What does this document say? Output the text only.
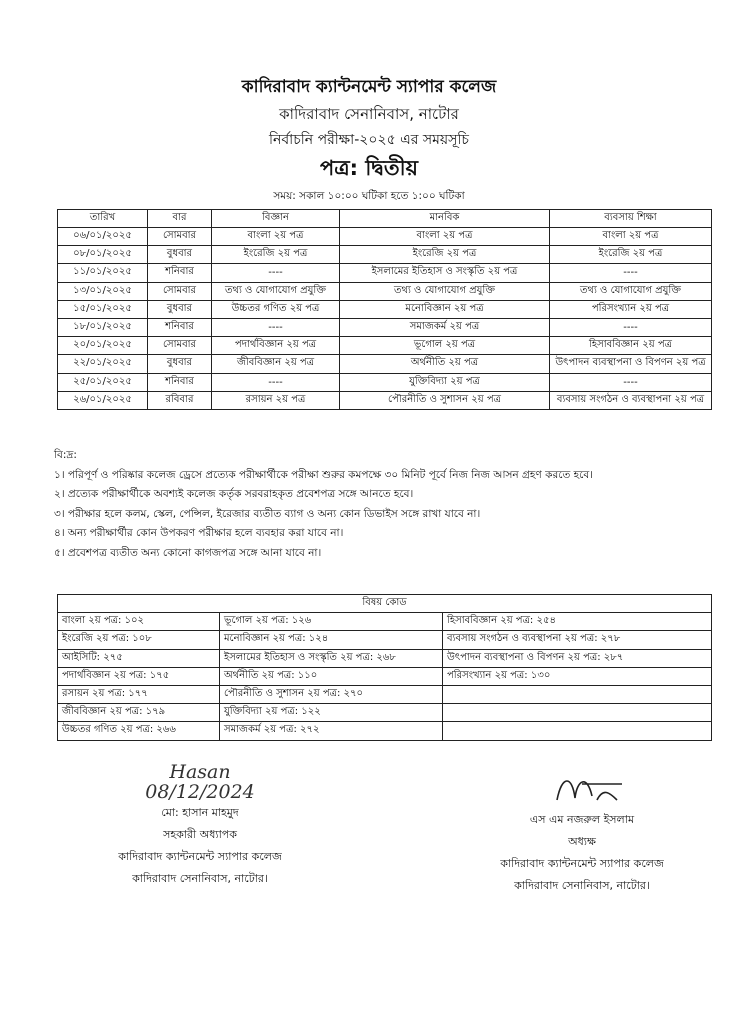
কাদিরাবাদ ক্যান্টনমেন্ট স্যাপার কলেজ
কাদিরাবাদ সেনানিবাস, নাটোর
নির্বাচনি পরীক্ষা-২০২৫ এর সময়সূচি
পত্র: দ্বিতীয়
সময়: সকাল ১০:০০ ঘটিকা হতে ১:০০ ঘটিকা
তারিখ	বার	বিজ্ঞান	মানবিক	ব্যবসায় শিক্ষা
০৬/০১/২০২৫	সোমবার	বাংলা ২য় পত্র	বাংলা ২য় পত্র	বাংলা ২য় পত্র
০৮/০১/২০২৫	বুধবার	ইংরেজি ২য় পত্র	ইংরেজি ২য় পত্র	ইংরেজি ২য় পত্র
১১/০১/২০২৫	শনিবার	----	ইসলামের ইতিহাস ও সংস্কৃতি ২য় পত্র	----
১৩/০১/২০২৫	সোমবার	তথ্য ও যোগাযোগ প্রযুক্তি	তথ্য ও যোগাযোগ প্রযুক্তি	তথ্য ও যোগাযোগ প্রযুক্তি
১৫/০১/২০২৫	বুধবার	উচ্চতর গণিত ২য় পত্র	মনোবিজ্ঞান ২য় পত্র	পরিসংখ্যান ২য় পত্র
১৮/০১/২০২৫	শনিবার	----	সমাজকর্ম ২য় পত্র	----
২০/০১/২০২৫	সোমবার	পদার্থবিজ্ঞান ২য় পত্র	ভূগোল ২য় পত্র	হিসাববিজ্ঞান ২য় পত্র
২২/০১/২০২৫	বুধবার	জীববিজ্ঞান ২য় পত্র	অর্থনীতি ২য় পত্র	উৎপাদন ব্যবস্থাপনা ও বিপণন ২য় পত্র
২৫/০১/২০২৫	শনিবার	----	যুক্তিবিদ্যা ২য় পত্র	----
২৬/০১/২০২৫	রবিবার	রসায়ন ২য় পত্র	পৌরনীতি ও সুশাসন ২য় পত্র	ব্যবসায় সংগঠন ও ব্যবস্থাপনা ২য় পত্র
বি:দ্র:
১। পরিপূর্ণ ও পরিষ্কার কলেজ ড্রেসে প্রত্যেক পরীক্ষার্থীকে পরীক্ষা শুরুর কমপক্ষে ৩০ মিনিট পূর্বে নিজ নিজ আসন গ্রহণ করতে হবে।
২। প্রত্যেক পরীক্ষার্থীকে অবশ্যই কলেজ কর্তৃক সরবরাহকৃত প্রবেশপত্র সঙ্গে আনতে হবে।
৩। পরীক্ষার হলে কলম, স্কেল, পেন্সিল, ইরেজার ব্যতীত ব্যাগ ও অন্য কোন ডিভাইস সঙ্গে রাখা যাবে না।
৪। অন্য পরীক্ষার্থীর কোন উপকরণ পরীক্ষার হলে ব্যবহার করা যাবে না।
৫। প্রবেশপত্র ব্যতীত অন্য কোনো কাগজপত্র সঙ্গে আনা যাবে না।
বিষয় কোড		
বাংলা ২য় পত্র: ১০২	ভূগোল ২য় পত্র: ১২৬	হিসাববিজ্ঞান ২য় পত্র: ২৫৪
ইংরেজি ২য় পত্র: ১০৮	মনোবিজ্ঞান ২য় পত্র: ১২৪	ব্যবসায় সংগঠন ও ব্যবস্থাপনা ২য় পত্র: ২৭৮
আইসিটি: ২৭৫	ইসলামের ইতিহাস ও সংস্কৃতি ২য় পত্র: ২৬৮	উৎপাদন ব্যবস্থাপনা ও বিপণন ২য় পত্র: ২৮৭
পদার্থবিজ্ঞান ২য় পত্র: ১৭৫	অর্থনীতি ২য় পত্র: ১১০	পরিসংখ্যান ২য় পত্র: ১৩০
রসায়ন ২য় পত্র: ১৭৭	পৌরনীতি ও সুশাসন ২য় পত্র: ২৭০	
জীববিজ্ঞান ২য় পত্র: ১৭৯	যুক্তিবিদ্যা ২য় পত্র: ১২২	
উচ্চতর গণিত ২য় পত্র: ২৬৬	সমাজকর্ম ২য় পত্র: ২৭২	
Hasan
08/12/2024
মো: হাসান মাহমুদ
সহকারী অধ্যাপক
কাদিরাবাদ ক্যান্টনমেন্ট স্যাপার কলেজ
কাদিরাবাদ সেনানিবাস, নাটোর।
এস এম নজরুল ইসলাম
অধ্যক্ষ
কাদিরাবাদ ক্যান্টনমেন্ট স্যাপার কলেজ
কাদিরাবাদ সেনানিবাস, নাটোর।
